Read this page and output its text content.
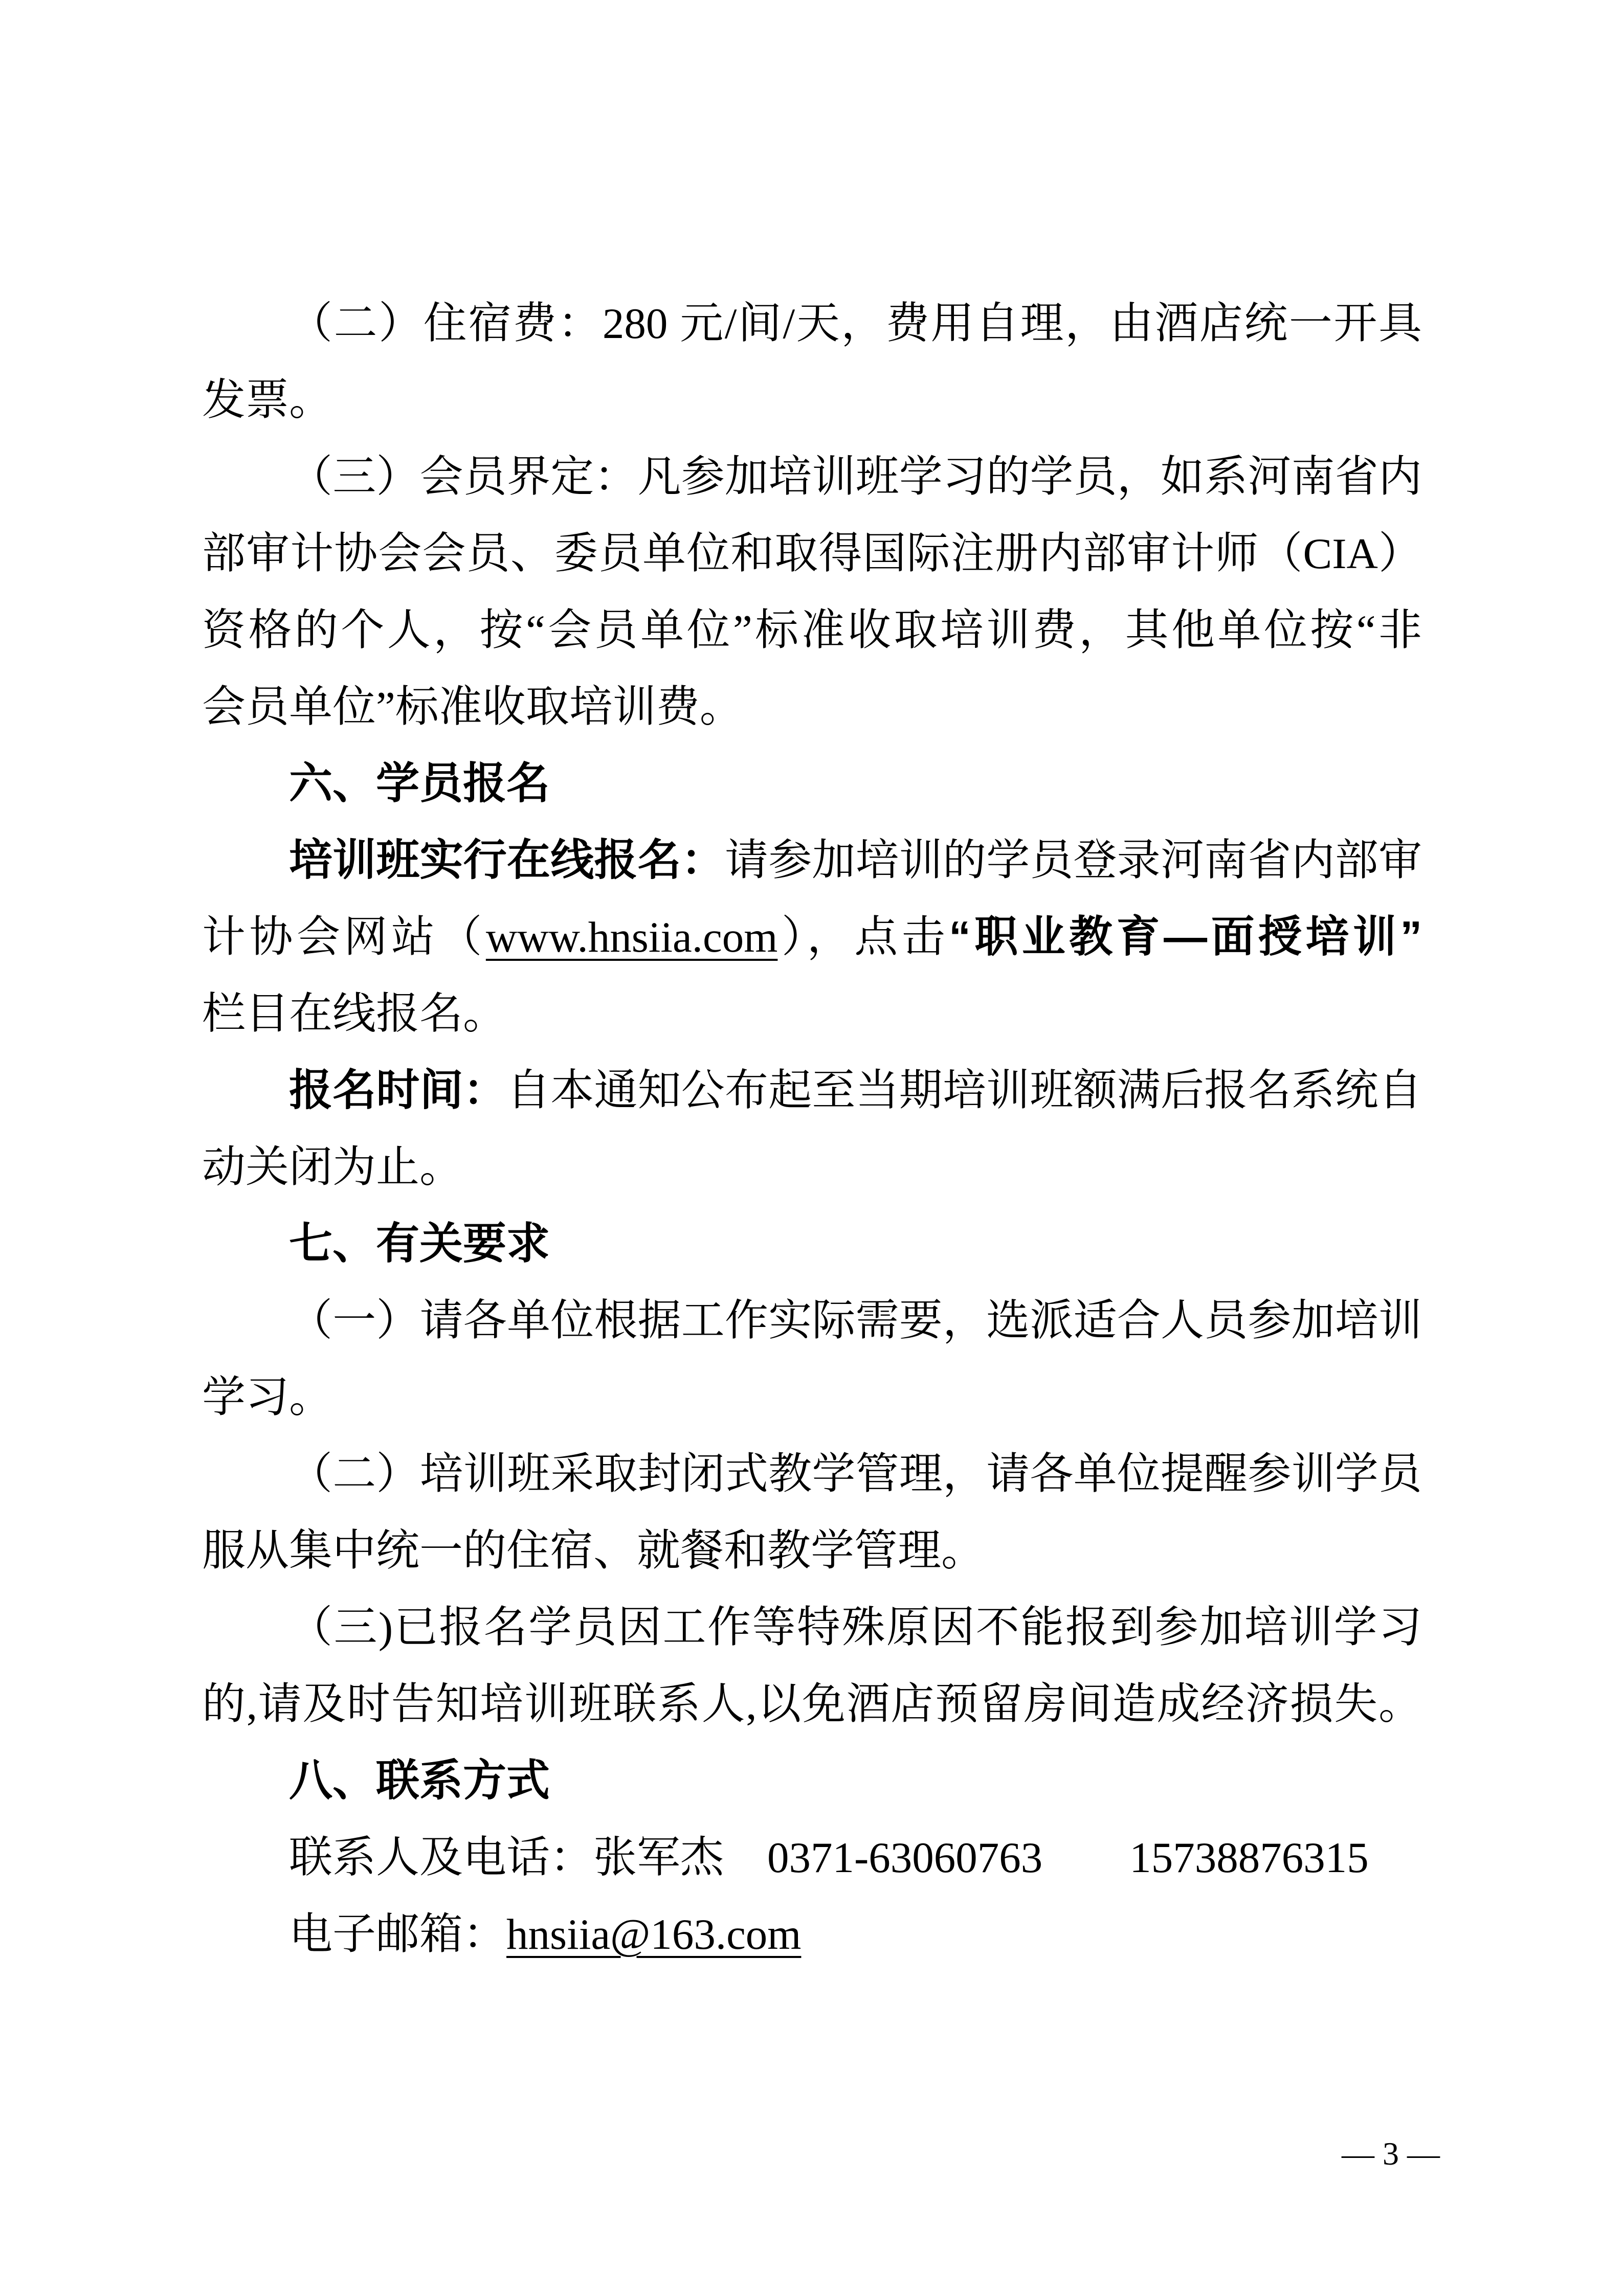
（二）住宿费：280 元/间/天，费用自理，由酒店统一开具
发票。
（三）会员界定：凡参加培训班学习的学员，如系河南省内
部审计协会会员、委员单位和取得国际注册内部审计师（CIA）
资格的个人，按“会员单位”标准收取培训费，其他单位按“非
会员单位”标准收取培训费。
六、学员报名
培训班实行在线报名：请参加培训的学员登录河南省内部审
计协会网站（www.hnsiia.com），点击“职业教育—面授培训”
栏目在线报名。
报名时间：自本通知公布起至当期培训班额满后报名系统自
动关闭为止。
七、有关要求
（一）请各单位根据工作实际需要，选派适合人员参加培训
学习。
（二）培训班采取封闭式教学管理，请各单位提醒参训学员
服从集中统一的住宿、就餐和教学管理。
（三)已报名学员因工作等特殊原因不能报到参加培训学习
的,请及时告知培训班联系人,以免酒店预留房间造成经济损失。
八、联系方式
联系人及电话：张军杰　0371-63060763　　15738876315
电子邮箱：hnsiia@163.com
— 3 —
